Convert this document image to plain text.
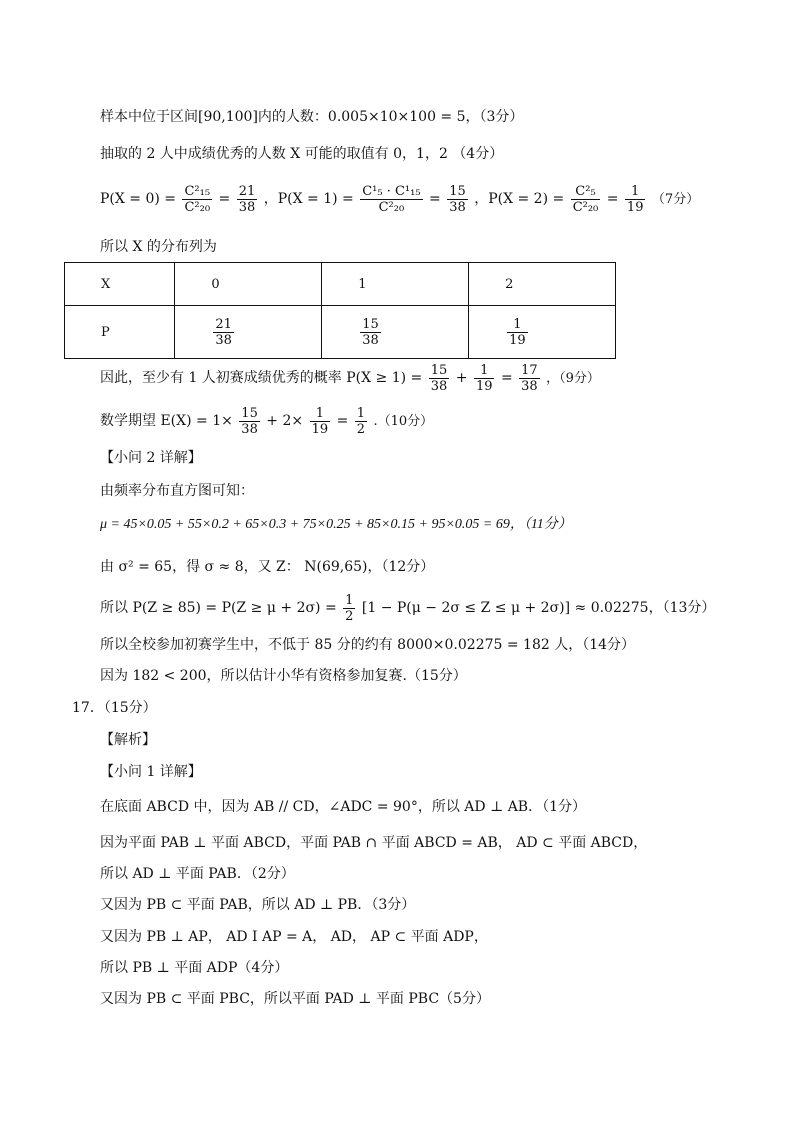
样本中位于区间[90,100]内的人数：0.005×10×100 = 5，（3分）
抽取的 2 人中成绩优秀的人数 X 可能的取值有 0，1，2 （4分）
$P(X = 0) = \frac{\text{C²₁₅}}{\text{C²₂₀}} = \frac{21}{38}$ ，$P(X = 1) = \frac{\text{C¹₅ · C¹₁₅}}{\text{C²₂₀}} = \frac{15}{38}$ ，$P(X = 2) = \frac{\text{C²₅}}{\text{C²₂₀}} = \frac{1}{19} (7$分）
所以 X 的分布列为
X	0	1	2
P	$\frac{21}{38}$	$\frac{15}{38}$	$\frac{1}{19}$
因此，至少有 1 人初赛成绩优秀的概率 $P(X \ge 1) = \frac{15}{38} + \frac{1}{19} = \frac{17}{38}$ ，（9分）
数学期望 $E(X) = 1\times \frac{15}{38} + 2\times \frac{1}{19} = \frac{1}{2} .(10$分）
【小问 2 详解】
由频率分布直方图可知：
μ = 45×0.05 + 55×0.2 + 65×0.3 + 75×0.25 + 85×0.15 + 95×0.05 = 69，（11分）
由 σ² = 65，得 σ ≈ 8，又 Z： N(69,65)，（12分）
所以 $P(Z \ge 85) = P(Z \ge \mu + 2\sigma) = \frac{1}{2} [1 - P(\mu - 2\sigma \le Z \le \mu + 2\sigma)] \approx 0.02275$，（13分）
所以全校参加初赛学生中，不低于 85 分的约有 8000×0.02275 = 182 人，（14分）
因为 182 < 200，所以估计小华有资格参加复赛.（15分）
17．（15分）
【解析】
【小问 1 详解】
在底面 ABCD 中，因为 AB // CD，∠ADC = 90°，所以 AD ⊥ AB．（1分）
因为平面 PAB ⊥ 平面 ABCD，平面 PAB ∩ 平面 ABCD = AB， AD ⊂ 平面 ABCD，
所以 AD ⊥ 平面 PAB．（2分）
又因为 PB ⊂ 平面 PAB，所以 AD ⊥ PB．（3分）
又因为 PB ⊥ AP， AD I AP = A， AD， AP ⊂ 平面 ADP，
所以 PB ⊥ 平面 ADP（4分）
又因为 PB ⊂ 平面 PBC，所以平面 PAD ⊥ 平面 PBC（5分）
